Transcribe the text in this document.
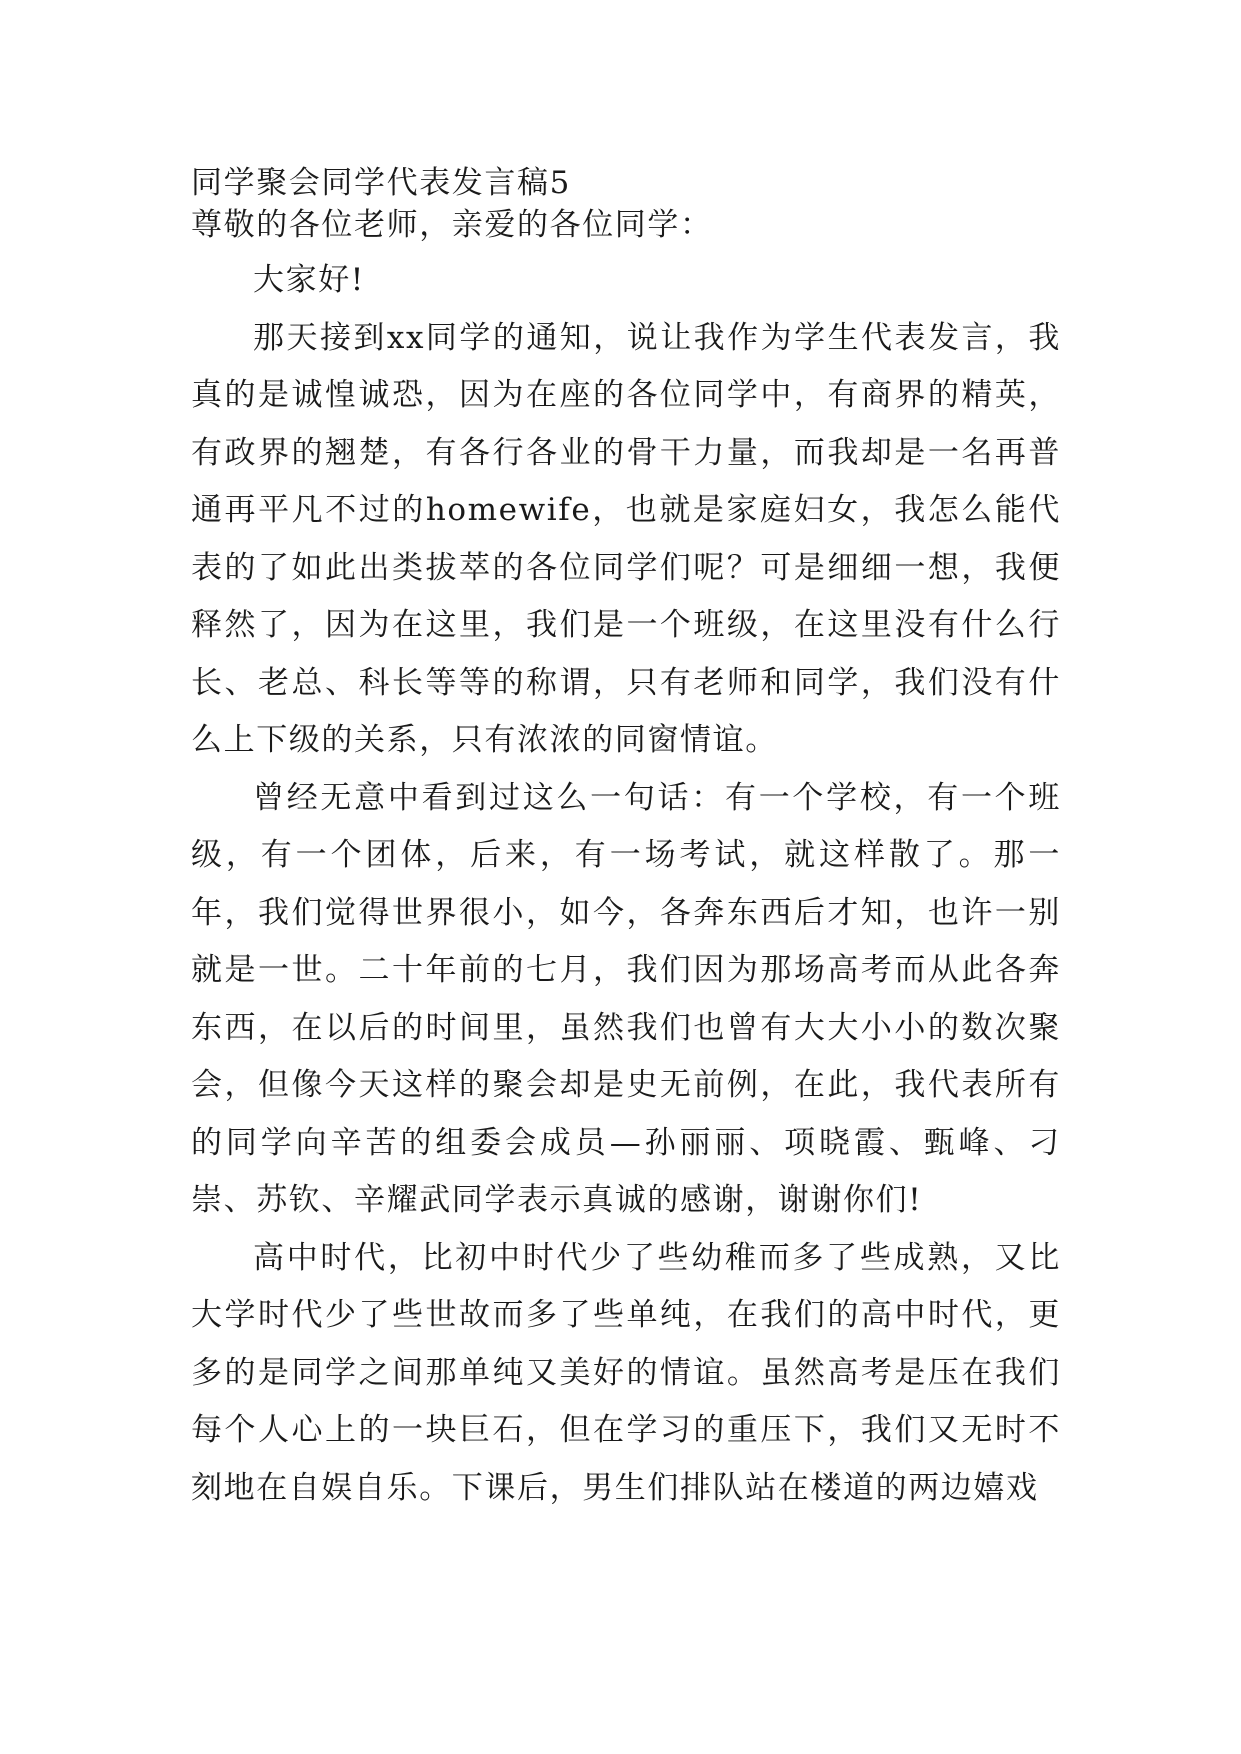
同学聚会同学代表发言稿5

尊敬的各位老师，亲爱的各位同学：

大家好!

那天接到xx同学的通知，说让我作为学生代表发言，我真的是诚惶诚恐，因为在座的各位同学中，有商界的精英，有政界的翘楚，有各行各业的骨干力量，而我却是一名再普通再平凡不过的homewife，也就是家庭妇女，我怎么能代表的了如此出类拔萃的各位同学们呢？可是细细一想，我便释然了，因为在这里，我们是一个班级，在这里没有什么行长、老总、科长等等的称谓，只有老师和同学，我们没有什么上下级的关系，只有浓浓的同窗情谊。

曾经无意中看到过这么一句话：有一个学校，有一个班级，有一个团体，后来，有一场考试，就这样散了。那一年，我们觉得世界很小，如今，各奔东西后才知，也许一别就是一世。二十年前的七月，我们因为那场高考而从此各奔东西，在以后的时间里，虽然我们也曾有大大小小的数次聚会，但像今天这样的聚会却是史无前例，在此，我代表所有的同学向辛苦的组委会成员—孙丽丽、项晓霞、甄峰、刁崇、苏钦、辛耀武同学表示真诚的感谢，谢谢你们!

高中时代，比初中时代少了些幼稚而多了些成熟，又比大学时代少了些世故而多了些单纯，在我们的高中时代，更多的是同学之间那单纯又美好的情谊。虽然高考是压在我们每个人心上的一块巨石，但在学习的重压下，我们又无时不刻地在自娱自乐。下课后，男生们排队站在楼道的两边嬉戏
